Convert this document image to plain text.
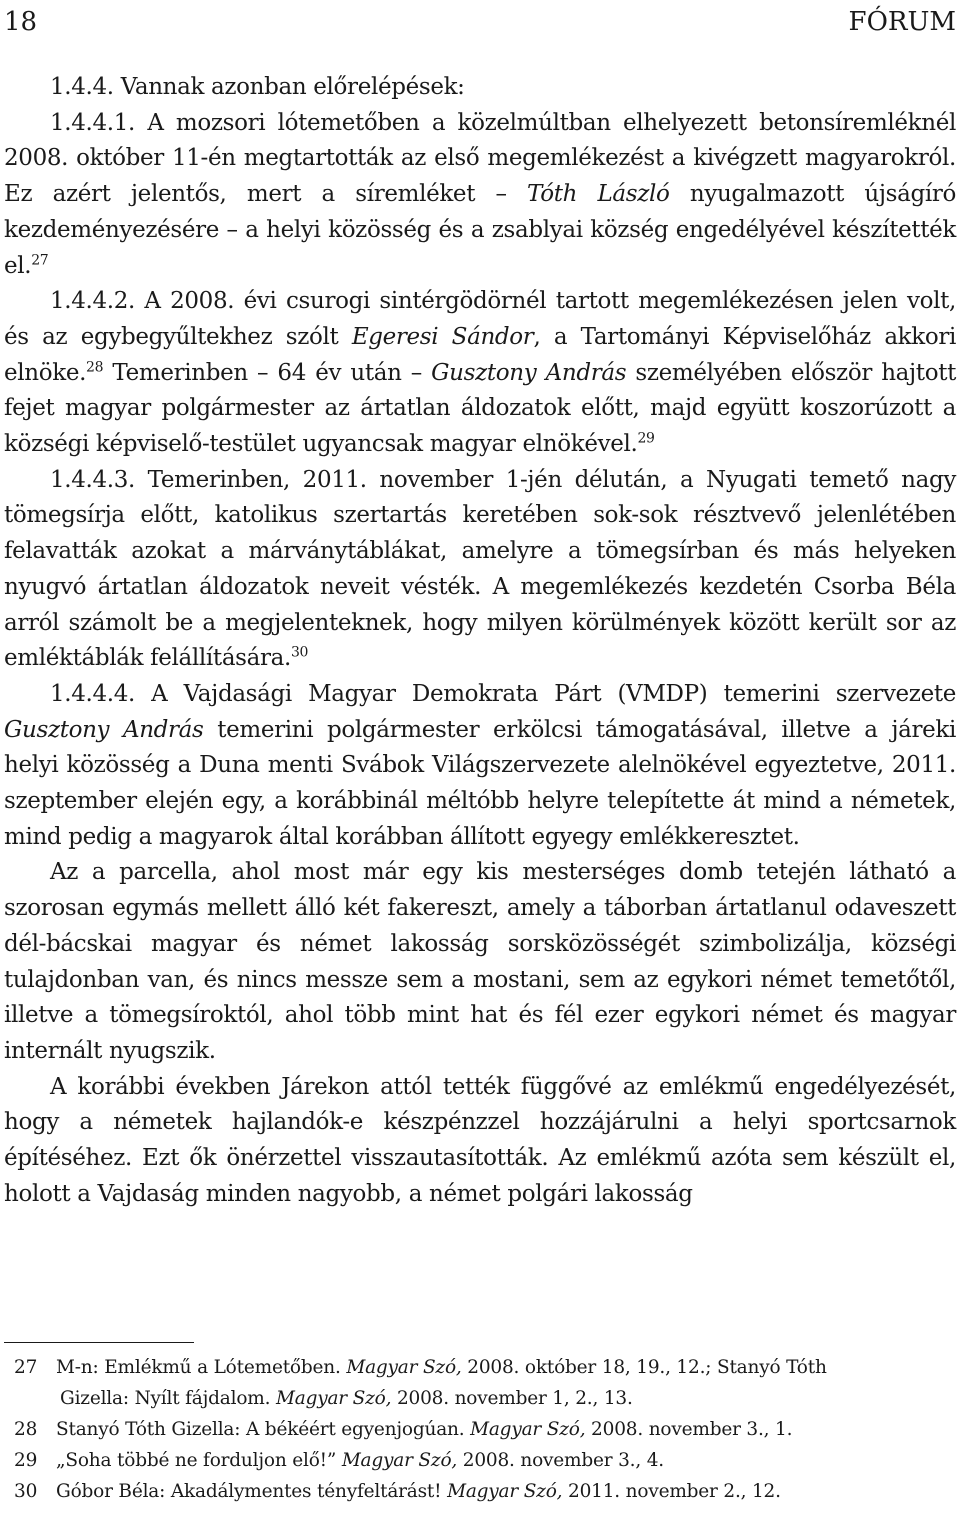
18	FÓRUM

1.4.4. Vannak azonban előrelépések:

1.4.4.1. A mozsori lótemetőben a közelmúltban elhelyezett betonsíremléknél 2008. október 11-én megtartották az első megemlékezést a kivégzett magyarokról. Ez azért jelentős, mert a síremléket – Tóth László nyugalmazott újságíró kezdeményezésére – a helyi közösség és a zsablyai község engedélyével készítették el.$^{27}$

1.4.4.2. A 2008. évi csurogi sintérgödörnél tartott megemlékezésen jelen volt, és az egybegyűltekhez szólt Egeresi Sándor, a Tartományi Képviselőház akkori elnöke.$^{28}$ Temerinben – 64 év után – Gusztony András személyében először hajtott fejet magyar polgármester az ártatlan áldozatok előtt, majd együtt koszorúzott a községi képviselő-testület ugyancsak magyar elnökével.$^{29}$

1.4.4.3. Temerinben, 2011. november 1-jén délután, a Nyugati temető nagy tömegsírja előtt, katolikus szertartás keretében sok-sok résztvevő jelenlétében felavatták azokat a márványtáblákat, amelyre a tömegsírban és más helyeken nyugvó ártatlan áldozatok neveit vésték. A megemlékezés kezdetén Csorba Béla arról számolt be a megjelenteknek, hogy milyen körülmények között került sor az emléktáblák felállítására.$^{30}$

1.4.4.4. A Vajdasági Magyar Demokrata Párt (VMDP) temerini szervezete Gusztony András temerini polgármester erkölcsi támogatásával, illetve a járeki helyi közösség a Duna menti Svábok Világszervezete alelnökével egyeztetve, 2011. szeptember elején egy, a korábbinál méltóbb helyre telepítette át mind a németek, mind pedig a magyarok által korábban állított egyegy emlékkeresztet.

Az a parcella, ahol most már egy kis mesterséges domb tetején látható a szorosan egymás mellett álló két fakereszt, amely a táborban ártatlanul odaveszett dél-bácskai magyar és német lakosság sorsközösségét szimbolizálja, községi tulajdonban van, és nincs messze sem a mostani, sem az egykori német temetőtől, illetve a tömegsíroktól, ahol több mint hat és fél ezer egykori német és magyar internált nyugszik.

A korábbi években Járekon attól tették függővé az emlékmű engedélyezését, hogy a németek hajlandók-e készpénzzel hozzájárulni a helyi sportcsarnok építéséhez. Ezt ők önérzettel visszautasították. Az emlékmű azóta sem készült el, holott a Vajdaság minden nagyobb, a német polgári lakosság

27	M-n: Emlékmű a Lótemetőben. Magyar Szó, 2008. október 18, 19., 12.; Stanyó Tóth
Gizella: Nyílt fájdalom. Magyar Szó, 2008. november 1, 2., 13.
28	Stanyó Tóth Gizella: A békéért egyenjogúan. Magyar Szó, 2008. november 3., 1.
29	„Soha többé ne forduljon elő!” Magyar Szó, 2008. november 3., 4.
30	Góbor Béla: Akadálymentes tényfeltárást! Magyar Szó, 2011. november 2., 12.
